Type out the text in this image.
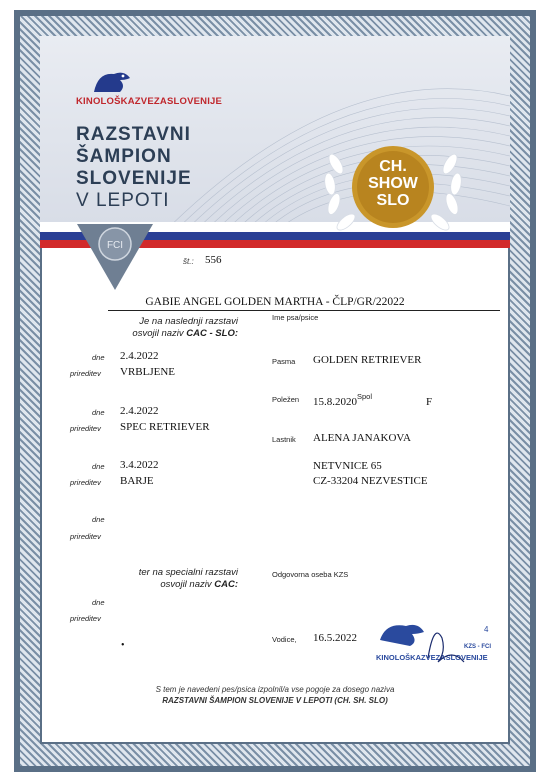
KINOLOŠKAZVEZASLOVENIJE
RAZSTAVNI
ŠAMPION
SLOVENIJE
V LEPOTI
CH.
SHOW
SLO
FCI
št.: 556
GABIE ANGEL GOLDEN MARTHA - ČLP/GR/22022
Ime psa/psice
Je na naslednji razstavi
osvojil naziv CAC - SLO:
dne 2.4.2022
prireditev VRBLJENE
dne 2.4.2022
prireditev SPEC RETRIEVER
dne 3.4.2022
prireditev BARJE
dne
prireditev
Pasma GOLDEN RETRIEVER
Poležen 15.8.2020 Spol	F
Lastnik ALENA JANAKOVA
NETVNICE 65
CZ-33204 NEZVESTICE
ter na specialni razstavi
osvojil naziv CAC:
Odgovorna oseba KZS
dne
prireditev
•
Vodice, 16.5.2022
KINOLOŠKAZVEZASLOVENIJE
KZS - FCI
4
S tem je navedeni pes/psica izpolnil/a vse pogoje za dosego naziva
RAZSTAVNI ŠAMPION SLOVENIJE V LEPOTI (CH. SH. SLO)
